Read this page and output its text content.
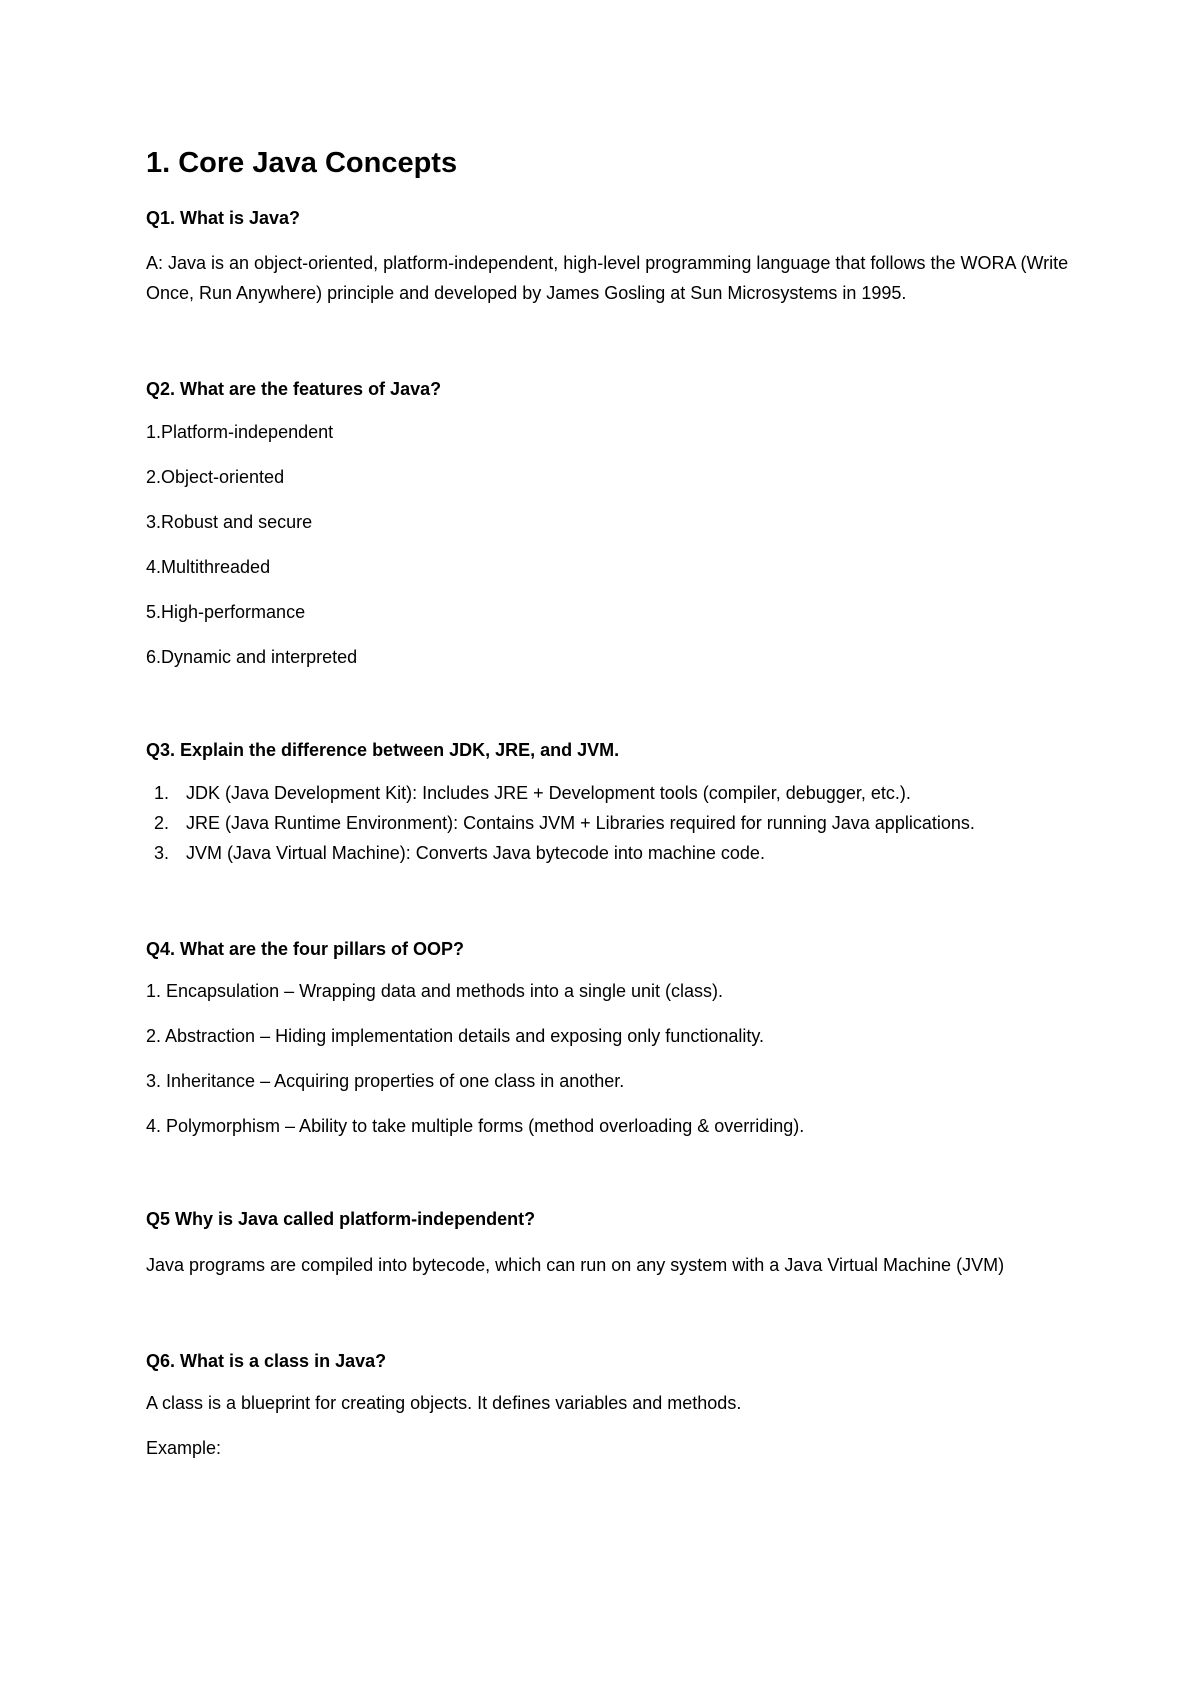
1. Core Java Concepts
Q1. What is Java?

A: Java is an object-oriented, platform-independent, high-level programming language that follows the WORA (Write Once, Run Anywhere) principle and developed by James Gosling at Sun Microsystems in 1995.

Q2. What are the features of Java?
1.Platform-independent
2.Object-oriented
3.Robust and secure
4.Multithreaded
5.High-performance
6.Dynamic and interpreted
Q3. Explain the difference between JDK, JRE, and JVM.
1. JDK (Java Development Kit): Includes JRE + Development tools (compiler, debugger, etc.).
2. JRE (Java Runtime Environment): Contains JVM + Libraries required for running Java applications.
3. JVM (Java Virtual Machine): Converts Java bytecode into machine code.
Q4. What are the four pillars of OOP?
1. Encapsulation – Wrapping data and methods into a single unit (class).
2. Abstraction – Hiding implementation details and exposing only functionality.
3. Inheritance – Acquiring properties of one class in another.
4. Polymorphism – Ability to take multiple forms (method overloading & overriding).
Q5 Why is Java called platform-independent?

Java programs are compiled into bytecode, which can run on any system with a Java Virtual Machine (JVM)

Q6. What is a class in Java?
A class is a blueprint for creating objects. It defines variables and methods.
Example:
